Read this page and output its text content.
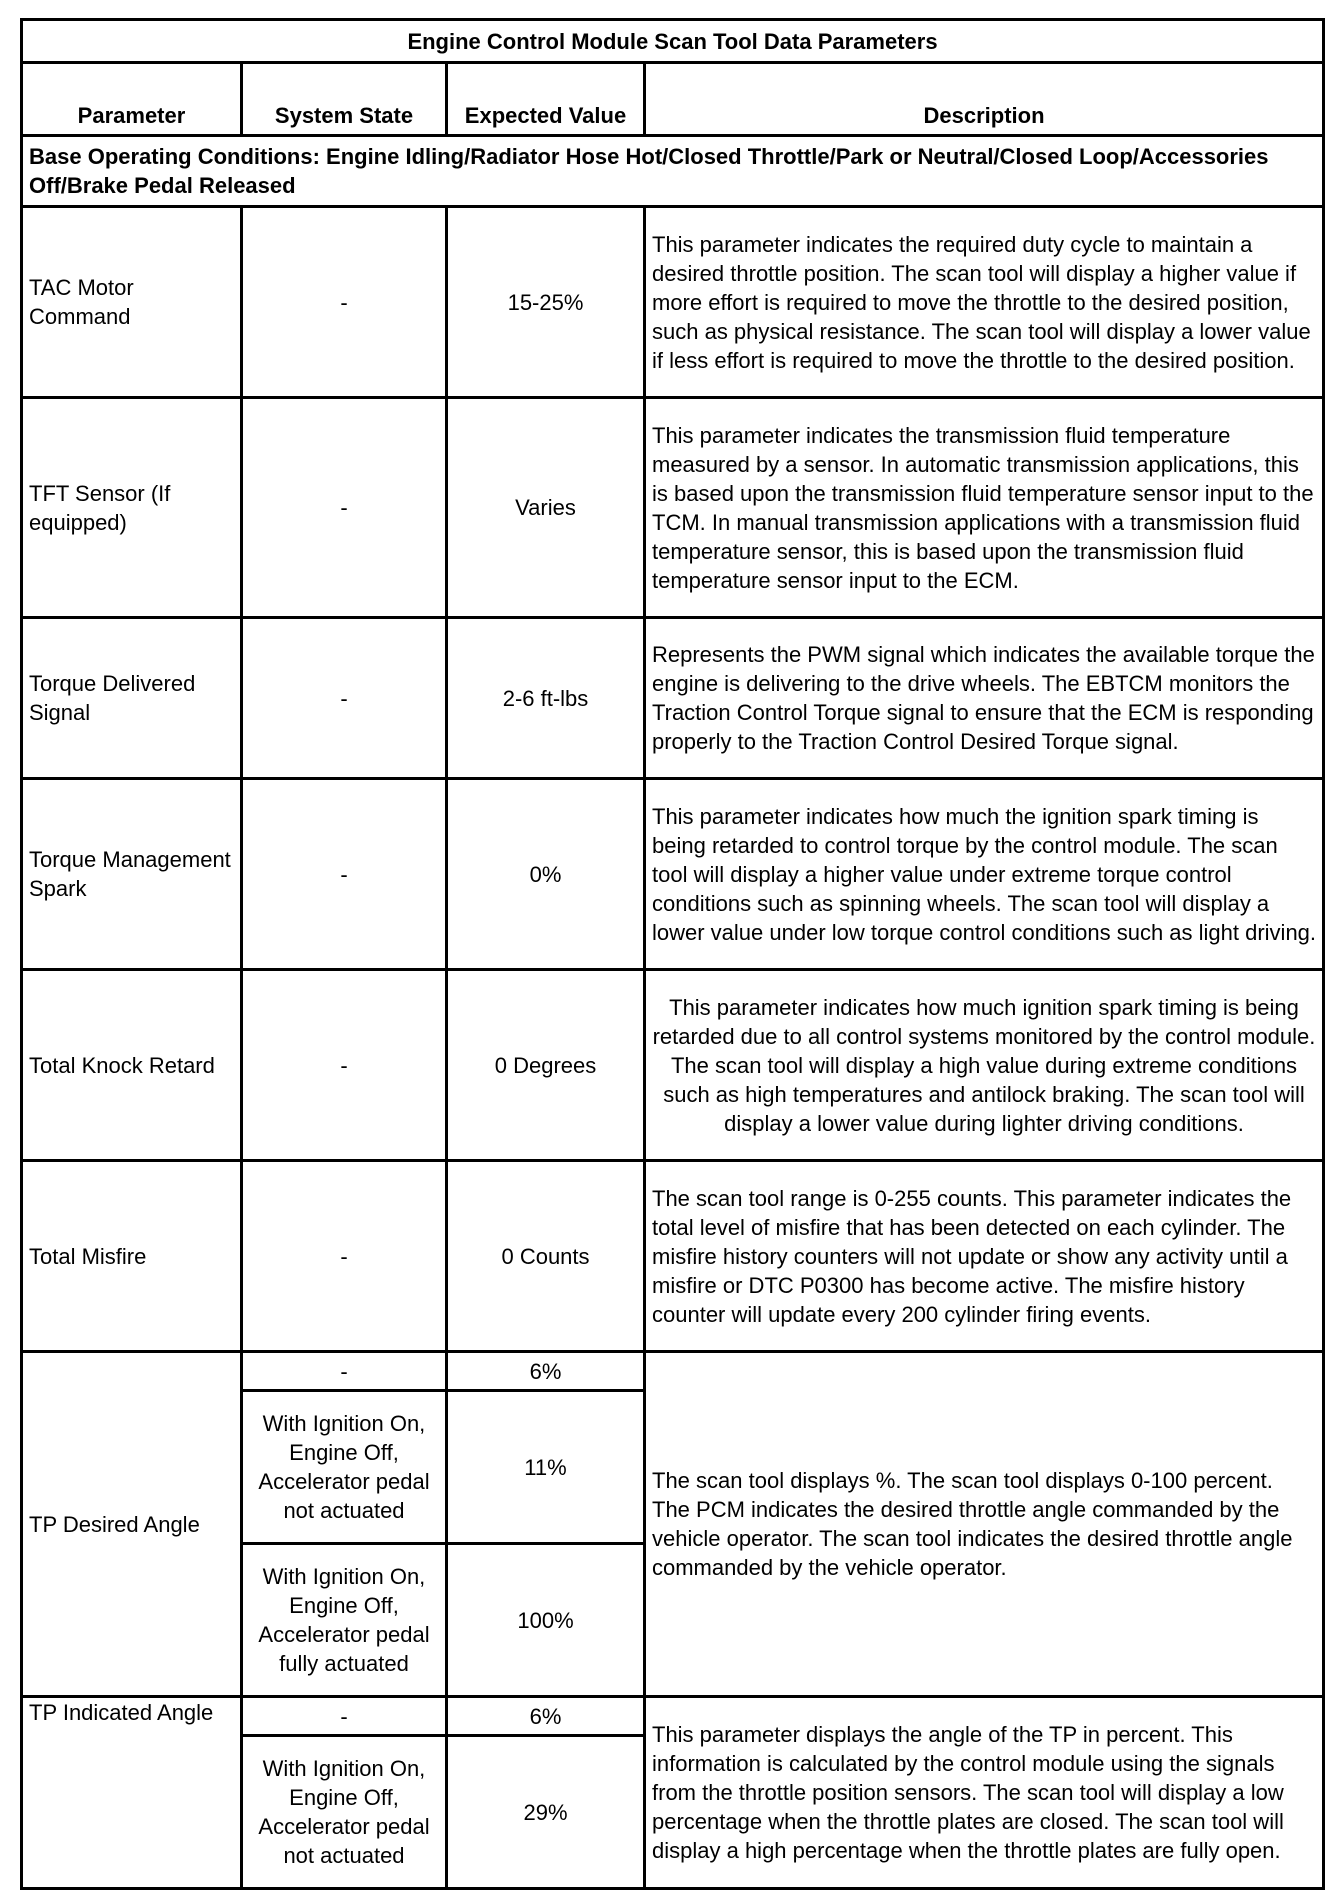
Engine Control Module Scan Tool Data Parameters			
Parameter	System State	Expected Value	Description
Base Operating Conditions: Engine Idling/Radiator Hose Hot/Closed Throttle/Park or Neutral/Closed Loop/Accessories Off/Brake Pedal Released			
TAC Motor Command	-	15-25%	This parameter indicates the required duty cycle to maintain a desired throttle position. The scan tool will display a higher value if more effort is required to move the throttle to the desired position, such as physical resistance. The scan tool will display a lower value if less effort is required to move the throttle to the desired position.
TFT Sensor (If equipped)	-	Varies	This parameter indicates the transmission fluid temperature measured by a sensor. In automatic transmission applications, this is based upon the transmission fluid temperature sensor input to the TCM. In manual transmission applications with a transmission fluid temperature sensor, this is based upon the transmission fluid temperature sensor input to the ECM.
Torque Delivered Signal	-	2-6 ft-lbs	Represents the PWM signal which indicates the available torque the engine is delivering to the drive wheels. The EBTCM monitors the Traction Control Torque signal to ensure that the ECM is responding properly to the Traction Control Desired Torque signal.
Torque Management Spark	-	0%	This parameter indicates how much the ignition spark timing is being retarded to control torque by the control module. The scan tool will display a higher value under extreme torque control conditions such as spinning wheels. The scan tool will display a lower value under low torque control conditions such as light driving.
Total Knock Retard	-	0 Degrees	This parameter indicates how much ignition spark timing is being retarded due to all control systems monitored by the control module. The scan tool will display a high value during extreme conditions such as high temperatures and antilock braking. The scan tool will display a lower value during lighter driving conditions.
Total Misfire	-	0 Counts	The scan tool range is 0-255 counts. This parameter indicates the total level of misfire that has been detected on each cylinder. The misfire history counters will not update or show any activity until a misfire or DTC P0300 has become active. The misfire history counter will update every 200 cylinder firing events.
TP Desired Angle	-	6%	The scan tool displays %. The scan tool displays 0-100 percent. The PCM indicates the desired throttle angle commanded by the vehicle operator. The scan tool indicates the desired throttle angle commanded by the vehicle operator.
	With Ignition On, Engine Off, Accelerator pedal not actuated	11%	
	With Ignition On, Engine Off, Accelerator pedal fully actuated	100%	
TP Indicated Angle	-	6%	This parameter displays the angle of the TP in percent. This information is calculated by the control module using the signals from the throttle position sensors. The scan tool will display a low percentage when the throttle plates are closed. The scan tool will display a high percentage when the throttle plates are fully open.
	With Ignition On, Engine Off, Accelerator pedal not actuated	29%	
